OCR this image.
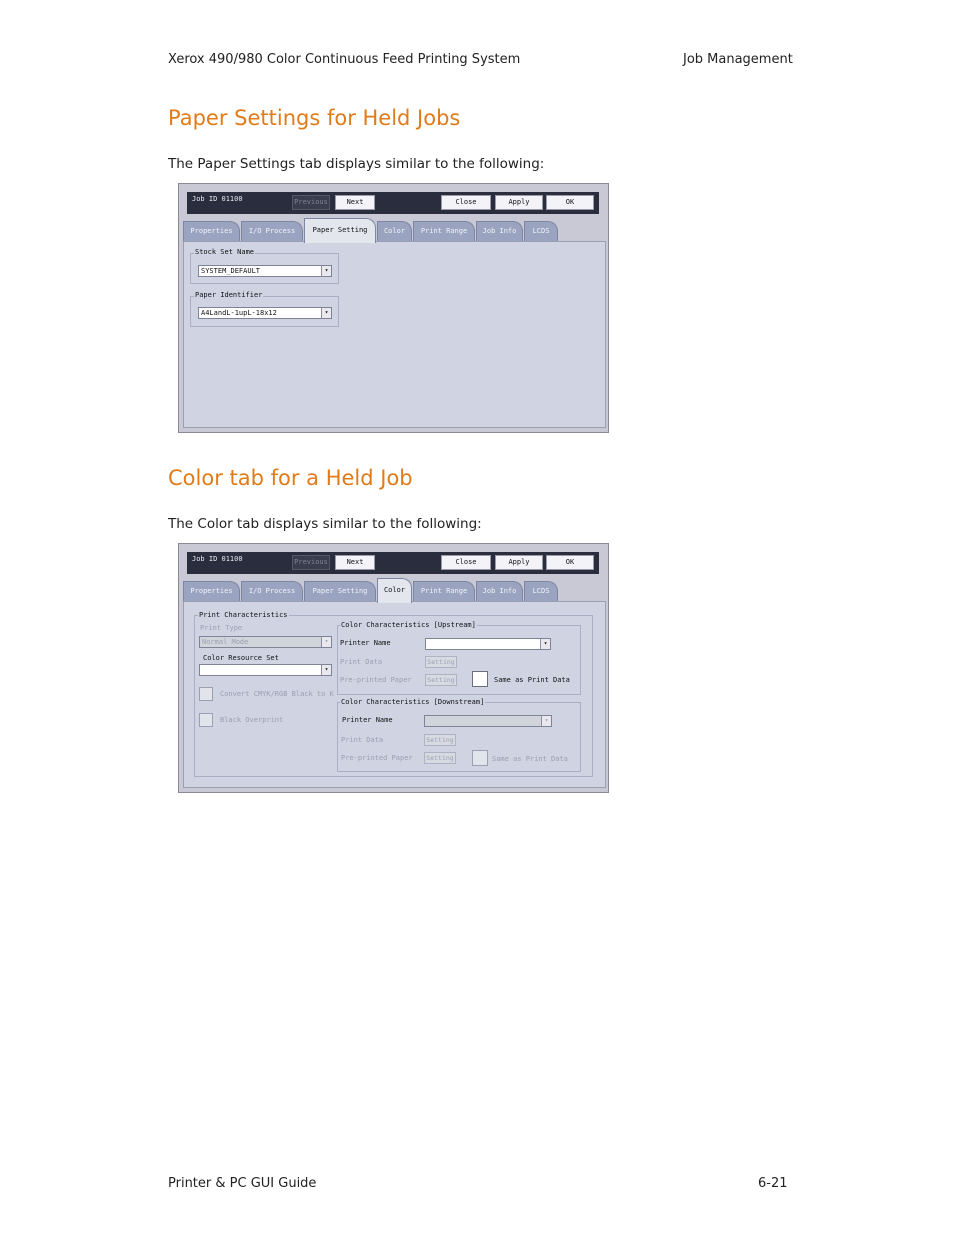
Xerox 490/980 Color Continuous Feed Printing System	Job Management
Paper Settings for Held Jobs
The Paper Settings tab displays similar to the following:
Job ID 01100	Previous	Next	Close	Apply	OK
Properties	I/O Process	Paper Setting	Color	Print Range	Job Info	LCDS
Stock Set Name
SYSTEM_DEFAULT	▾
Paper Identifier
A4LandL-1upL-18x12	▾
Color tab for a Held Job
The Color tab displays similar to the following:
Job ID 01100	Previous	Next	Close	Apply	OK
Properties	I/O Process	Paper Setting	Color	Print Range	Job Info	LCDS
Print Characteristics
Print Type
Normal Mode	▾
Color Resource Set
▾
Convert CMYK/RGB Black to K
Black Overprint
Color Characteristics [Upstream]
Printer Name	▾
Print Data	Setting
Pre-printed Paper	Setting	Same as Print Data
Color Characteristics [Downstream]
Printer Name	▾
Print Data	Setting
Pre-printed Paper	Setting	Same as Print Data
Printer & PC GUI Guide	6-21
